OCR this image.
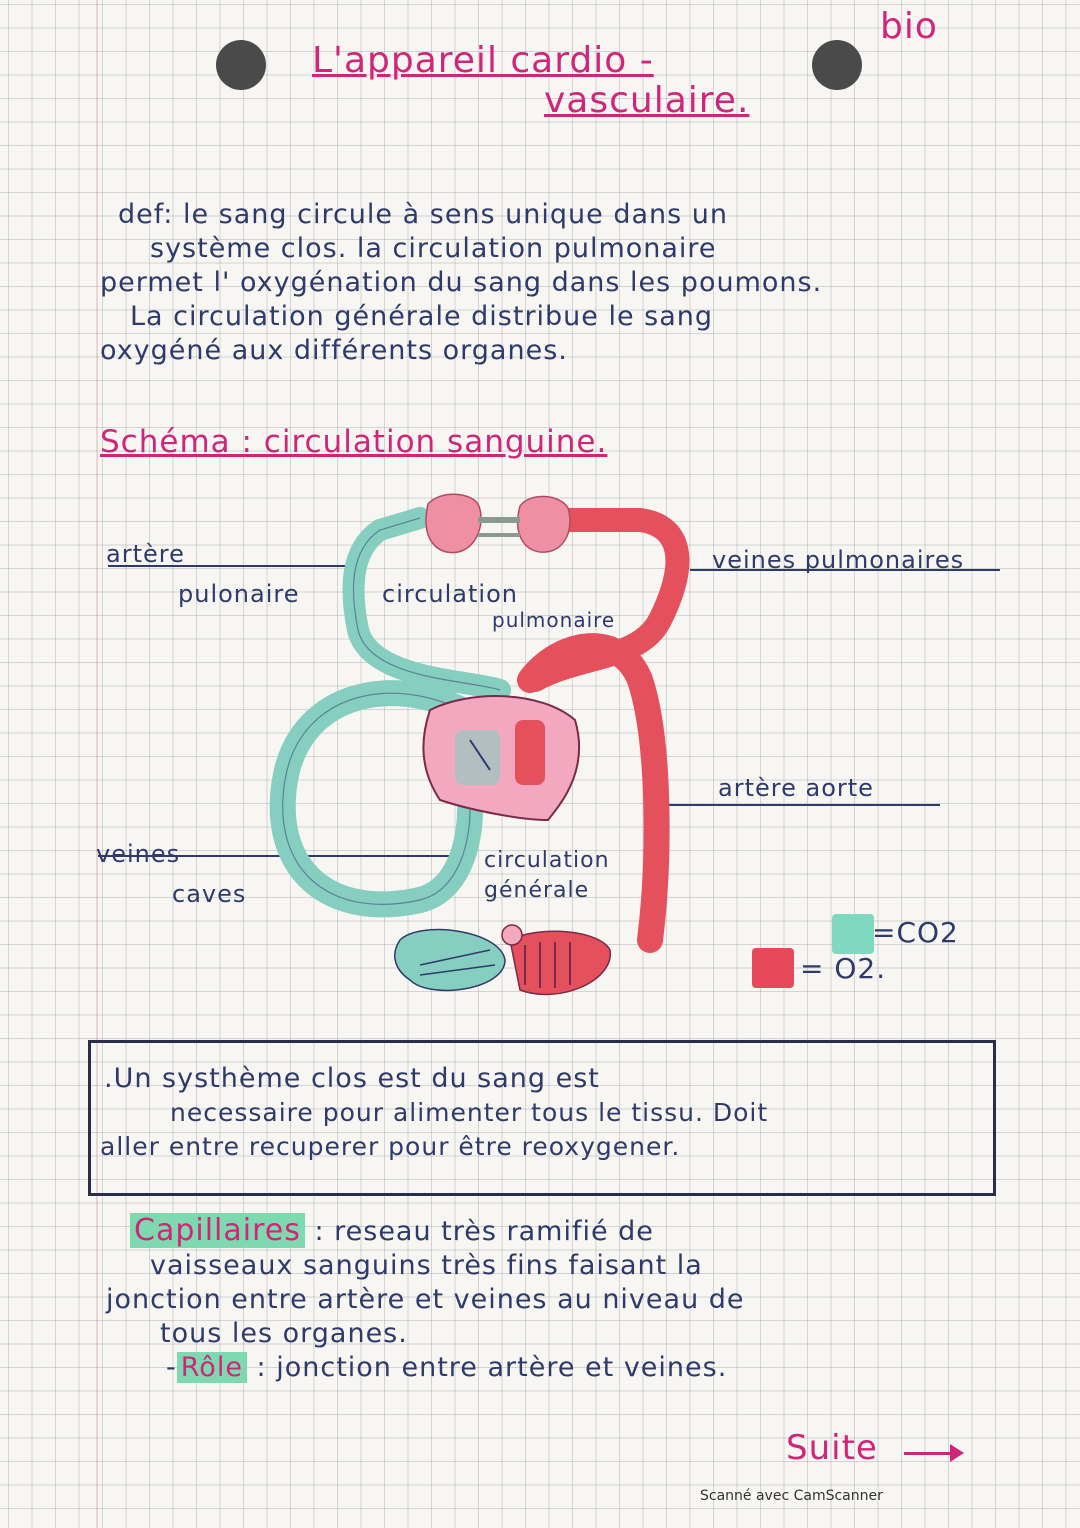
bio
L'appareil cardio -
vasculaire.
def: le sang circule à sens unique dans un
système clos. la circulation pulmonaire
permet l' oxygénation du sang dans les poumons.
La circulation générale distribue le sang
oxygéné aux différents organes.
Schéma : circulation sanguine.
artère
pulonaire	circulation
pulmonaire
veines pulmonaires
artère aorte
veines
caves
circulation
générale
=CO2
= O2.
.Un systhème clos est du sang est
necessaire pour alimenter tous le tissu. Doit
aller entre recuperer pour être reoxygener.
Capillaires : reseau très ramifié de
vaisseaux sanguins très fins faisant la
jonction entre artère et veines au niveau de
tous les organes.
- Rôle : jonction entre artère et veines.
Suite
Scanné avec CamScanner
